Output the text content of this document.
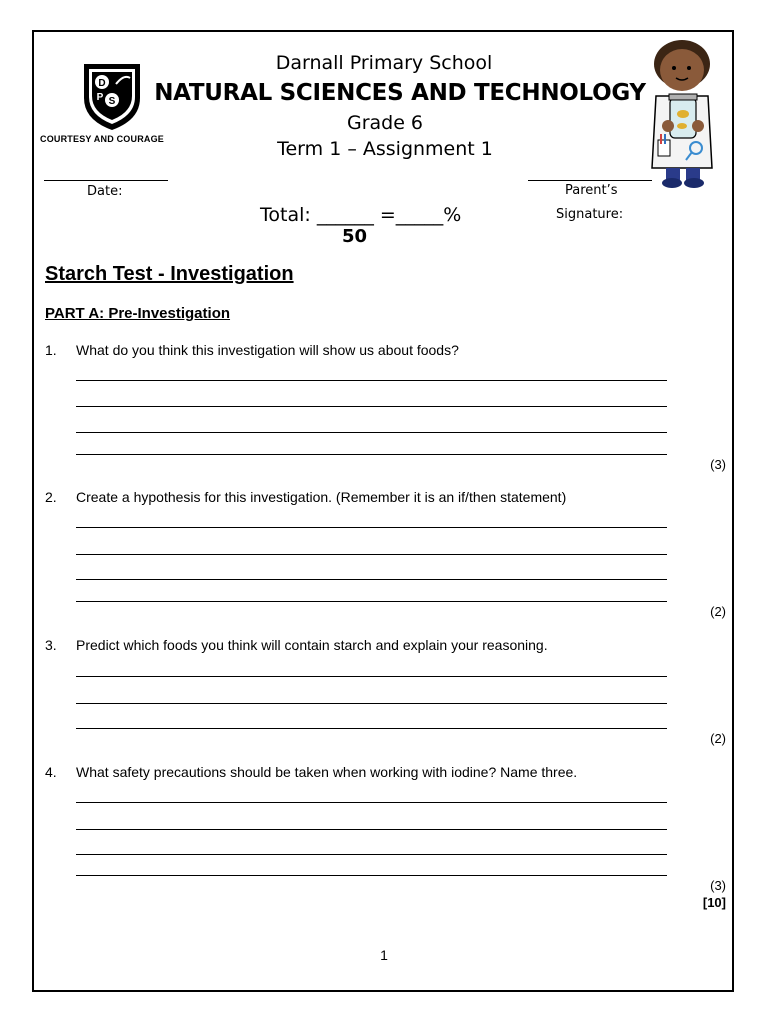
D
P S
COURTESY AND COURAGE
Darnall Primary School
NATURAL SCIENCES AND TECHNOLOGY
Grade 6
Term 1 – Assignment 1
Date:	Parent’s
Signature:
Total: ______ =_____%
50
Starch Test - Investigation
PART A: Pre-Investigation
1. What do you think this investigation will show us about foods?
(3)
2. Create a hypothesis for this investigation. (Remember it is an if/then statement)
(2)
3. Predict which foods you think will contain starch and explain your reasoning.
(2)
4. What safety precautions should be taken when working with iodine? Name three.
(3)
[10]
1
